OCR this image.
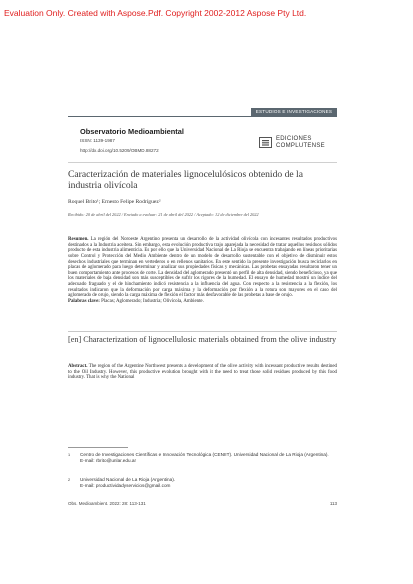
Evaluation Only. Created with Aspose.Pdf. Copyright 2002-2012 Aspose Pty Ltd.
ESTUDIOS E INVESTIGACIONES
Observatorio Medioambiental
ISSN: 1139-1987
http://dx.doi.org/10.5209/OBMD.88272
EDICIONES
COMPLUTENSE
Caracterización de materiales lignocelulósicos obtenido de la industria olivícola
Roquel Brito¹; Ernesto Felipe Rodríguez²
Recibido: 20 de abril del 2022 / Enviado a evaluar: 21 de abril del 2022 / Aceptado: 12 de diciembre del 2022
Resumen. La región del Noroeste Argentino presenta un desarrollo de la actividad olivícola con incesantes resultados productivos destinados a la Industria aceitera. Sin embargo, esta evolución productiva trajo aparejada la necesidad de tratar aquellos residuos sólidos producto de esta industria alimenticia. Es por ello que la Universidad Nacional de La Rioja se encuentra trabajando en líneas prioritarias sobre Control y Protección del Medio Ambiente dentro de un modelo de desarrollo sustentable con el objetivo de disminuir estos desechos industriales que terminan en vertederos o en rellenos sanitarios. En este sentido la presente investigación busca reciclarlos en placas de aglomerado para luego determinar y analizar sus propiedades físicas y mecánicas. Las probetas ensayadas resultaron tener un buen comportamiento ante procesos de corte. La densidad del aglomerado presentó un perfil de alta densidad, siendo beneficioso, ya que los materiales de baja densidad son más susceptibles de sufrir los rigores de la humedad. El ensayo de humedad mostró un índice del adecuado fraguado y el de hinchamiento indicó resistencia a la influencia del agua. Con respecto a la resistencia a la flexión, los resultados indicaron que la deformación por carga máxima y la deformación por flexión a la rotura son mayores en el caso del aglomerado de orujo, siendo la carga máxima de flexión el factor más desfavorable de las probetas a base de orujo.
Palabras clave: Placas; Aglomerado; Industria; Olivícola, Ambiente.
[en] Characterization of lignocellulosic materials obtained from the olive industry
Abstract. The region of the Argentine Northwest presents a development of the olive activity with incessant productive results destined to the Oil Industry. However, this productive evolution brought with it the need to treat those solid residues produced by this food industry. That is why the National
1 Centro de Investigaciones Científicas e Innovación Tecnológica (CENIIT). Universidad Nacional de La Rioja (Argentina).
E-mail: rbrito@unlar.edu.ar
2 Universidad Nacional de La Rioja (Argentina).
E-mail: productividadyservicios@gmail.com
Obs. Medioambient. 2022: 28: 113-131	113
